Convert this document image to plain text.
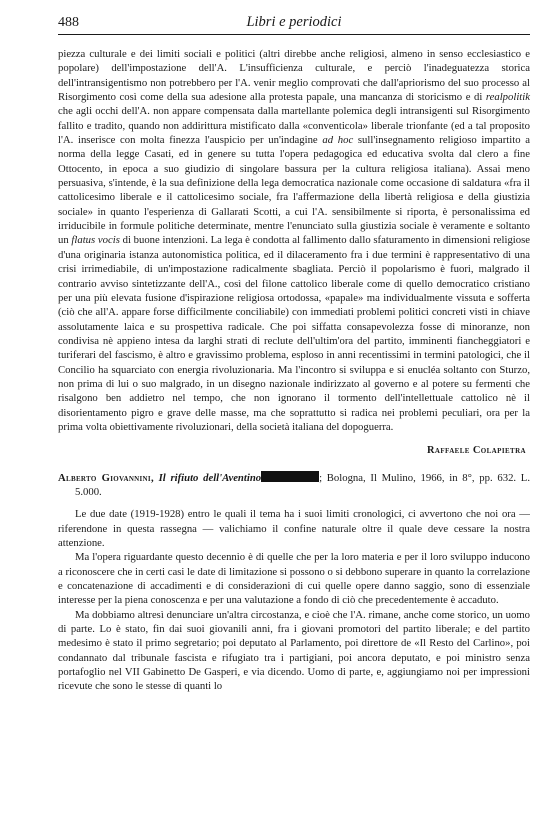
488	Libri e periodici

piezza culturale e dei limiti sociali e politici (altri direbbe anche religiosi, almeno in senso ecclesiastico e popolare) dell'impostazione dell'A. L'insufficienza culturale, e perciò l'inadeguatezza storica dell'intransigentismo non potrebbero per l'A. venir meglio comprovati che dall'apriorismo del suo processo al Risorgimento così come della sua adesione alla protesta papale, una mancanza di storicismo e di realpolitik che agli occhi dell'A. non appare compensata dalla martellante polemica degli intransigenti sul Risorgimento fallito e tradito, quando non addirittura mistificato dalla «conventicola» liberale trionfante (ed a tal proposito l'A. inserisce con molta finezza l'auspicio per un'indagine ad hoc sull'insegnamento religioso impartito a norma della legge Casati, ed in genere su tutta l'opera pedagogica ed educativa svolta dal clero a fine Ottocento, in epoca a suo giudizio di singolare bassura per la cultura religiosa italiana). Assai meno persuasiva, s'intende, è la sua definizione della lega democratica nazionale come occasione di saldatura «fra il cattolicesimo liberale e il cattolicesimo sociale, fra l'affermazione della libertà religiosa e della giustizia sociale» in quanto l'esperienza di Gallarati Scotti, a cui l'A. sensibilmente si riporta, è personalissima ed irriducibile in formule politiche determinate, mentre l'enunciato sulla giustizia sociale è veramente e soltanto un flatus vocis di buone intenzioni. La lega è condotta al fallimento dallo sfaturamento in dimensioni religiose d'una originaria istanza autonomistica politica, ed il dilaceramento fra i due termini è rappresentativo di una crisi irrimediabile, di un'impostazione radicalmente sbagliata. Perciò il popolarismo è fuori, malgrado il contrario avviso sintetizzante dell'A., così del filone cattolico liberale come di quello democratico cristiano per una più elevata fusione d'ispirazione religiosa ortodossa, «papale» ma individualmente vissuta e sofferta (ciò che all'A. appare forse difficilmente conciliabile) con immediati problemi politici concreti visti in chiave assolutamente laica e su prospettiva radicale. Che poi siffatta consapevolezza fosse di minoranze, non condivisa nè appieno intesa da larghi strati di reclute dell'ultim'ora del partito, imminenti fiancheggiatori e turiferari del fascismo, è altro e gravissimo problema, esploso in anni recentissimi in termini patologici, che il Concilio ha squarciato con energia rivoluzionaria. Ma l'incontro si sviluppa e si enucléa soltanto con Sturzo, non prima di lui o suo malgrado, in un disegno nazionale indirizzato al governo e al potere su fermenti che risalgono ben addietro nel tempo, che non ignorano il tormento dell'intellettuale cattolico nè il disorientamento pigro e grave delle masse, ma che soprattutto si radica nei problemi peculiari, ora per la prima volta obiettivamente rivoluzionari, della società italiana del dopoguerra.

Raffaele Colapietra

Alberto Giovannini, Il rifiuto dell'Aventino	; Bologna, Il Mulino, 1966, in 8°, pp. 632. L. 5.000.

Le due date (1919-1928) entro le quali il tema ha i suoi limiti cronologici, ci avvertono che noi ora — riferendone in questa rassegna — valichiamo il confine naturale oltre il quale deve cessare la nostra attenzione.

Ma l'opera riguardante questo decennio è di quelle che per la loro materia e per il loro sviluppo inducono a riconoscere che in certi casi le date di limitazione si possono o si debbono superare in quanto la correlazione e concatenazione di accadimenti e di considerazioni di cui quelle opere danno saggio, sono di essenziale interesse per la piena conoscenza e per una valutazione a fondo di ciò che precedentemente è accaduto.

Ma dobbiamo altresì denunciare un'altra circostanza, e cioè che l'A. rimane, anche come storico, un uomo di parte. Lo è stato, fin dai suoi giovanili anni, fra i giovani promotori del partito liberale; e del partito medesimo è stato il primo segretario; poi deputato al Parlamento, poi direttore de «Il Resto del Carlino», poi condannato dal tribunale fascista e rifugiato tra i partigiani, poi ancora deputato, e poi ministro senza portafoglio nel VII Gabinetto De Gasperi, e via dicendo. Uomo di parte, e, aggiungiamo noi per impressioni ricevute che sono le stesse di quanti lo
